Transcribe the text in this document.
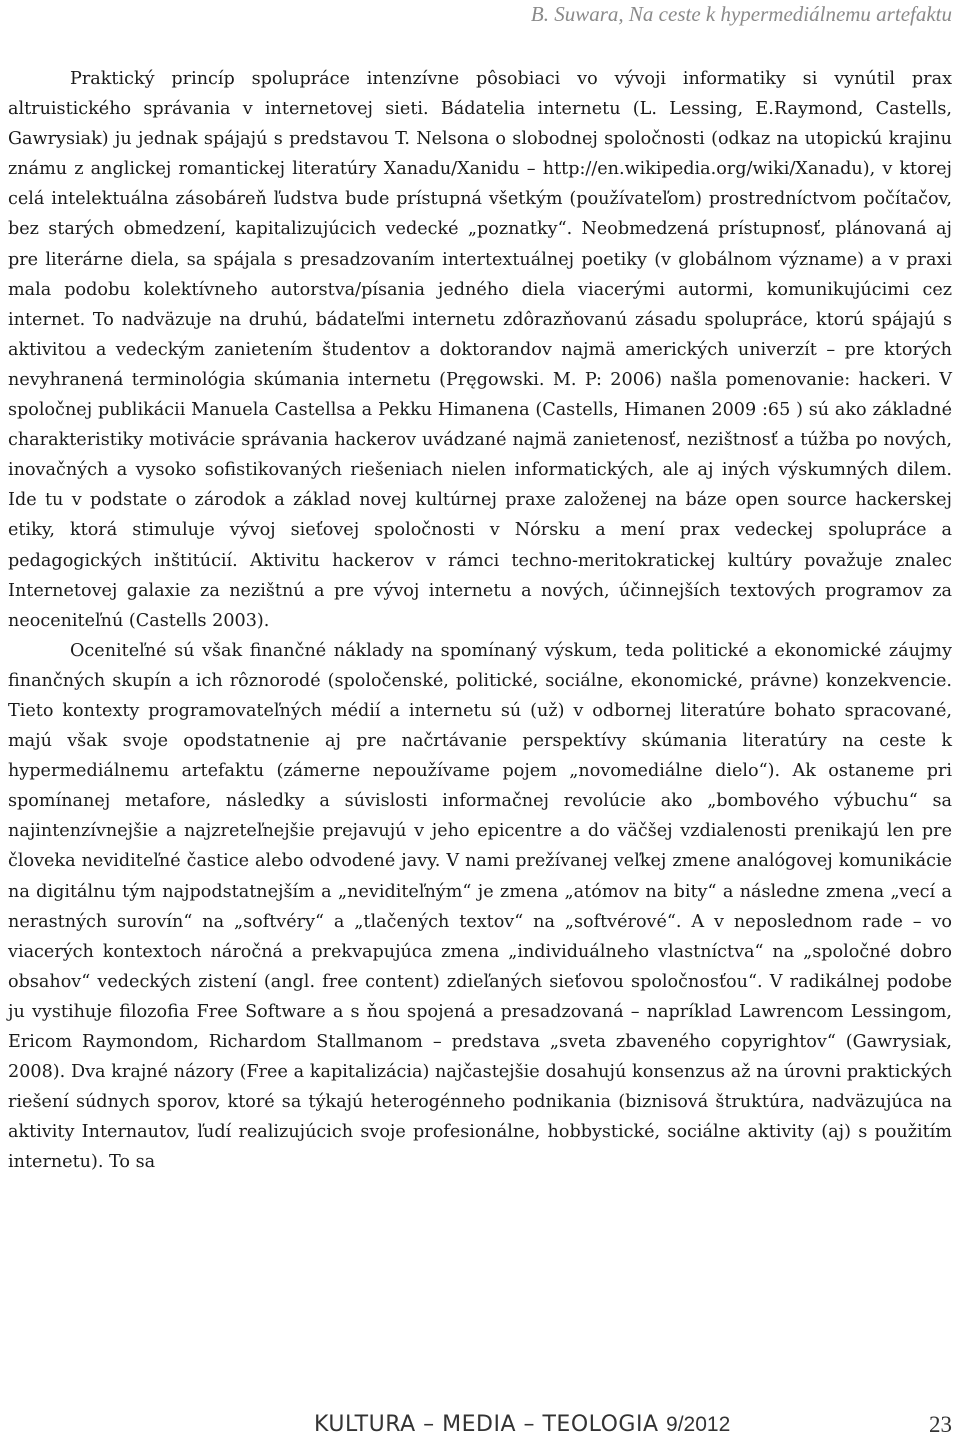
B. Suwara, Na ceste k hypermediálnemu artefaktu

Praktický princíp spolupráce intenzívne pôsobiaci vo vývoji informatiky si vynútil prax altruistického správania v internetovej sieti. Bádatelia internetu (L. Lessing, E.Raymond, Castells, Gawrysiak) ju jednak spájajú s predstavou T. Nelsona o slobodnej spoločnosti (odkaz na utopickú krajinu známu z anglickej romantickej literatúry Xanadu/Xanidu – http://en.wikipedia.org/wiki/Xanadu), v ktorej celá intelektuálna zásobáreň ľudstva bude prístupná všetkým (používateľom) prostredníctvom počítačov, bez starých obmedzení, kapitalizujúcich vedecké „poznatky“. Neobmedzená prístupnosť, plánovaná aj pre literárne diela, sa spájala s presadzovaním intertextuálnej poetiky (v globálnom význame) a v praxi mala podobu kolektívneho autorstva/písania jedného diela viacerými autormi, komunikujúcimi cez internet. To nadväzuje na druhú, bádateľmi internetu zdôrazňovanú zásadu spolupráce, ktorú spájajú s aktivitou a vedeckým zanietením študentov a doktorandov najmä amerických univerzít – pre ktorých nevyhranená terminológia skúmania internetu (Pręgowski. M. P: 2006) našla pomenovanie: hackeri. V spoločnej publikácii Manuela Castellsa a Pekku Himanena (Castells, Himanen 2009 :65 ) sú ako základné charakteristiky motivácie správania hackerov uvádzané najmä zanietenosť, nezištnosť a túžba po nových, inovačných a vysoko sofistikovaných riešeniach nielen informatických, ale aj iných výskumných dilem. Ide tu v podstate o zárodok a základ novej kultúrnej praxe založenej na báze open source hackerskej etiky, ktorá stimuluje vývoj sieťovej spoločnosti v Nórsku a mení prax vedeckej spolupráce a pedagogických inštitúcií. Aktivitu hackerov v rámci techno-meritokratickej kultúry považuje znalec Internetovej galaxie za nezištnú a pre vývoj internetu a nových, účinnejších textových programov za neoceniteľnú (Castells 2003).

Oceniteľné sú však finančné náklady na spomínaný výskum, teda politické a ekonomické záujmy finančných skupín a ich rôznorodé (spoločenské, politické, sociálne, ekonomické, právne) konzekvencie. Tieto kontexty programovateľných médií a internetu sú (už) v odbornej literatúre bohato spracované, majú však svoje opodstatnenie aj pre načrtávanie perspektívy skúmania literatúry na ceste k hypermediálnemu artefaktu (zámerne nepoužívame pojem „novomediálne dielo“). Ak ostaneme pri spomínanej metafore, následky a súvislosti informačnej revolúcie ako „bombového výbuchu“ sa najintenzívnejšie a najzreteľnejšie prejavujú v jeho epicentre a do väčšej vzdialenosti prenikajú len pre človeka neviditeľné častice alebo odvodené javy. V nami prežívanej veľkej zmene analógovej komunikácie na digitálnu tým najpodstatnejším a „neviditeľným“ je zmena „atómov na bity“ a následne zmena „vecí a nerastných surovín“ na „softvéry“ a „tlačených textov“ na „softvérové“. A v neposlednom rade – vo viacerých kontextoch náročná a prekvapujúca zmena „individuálneho vlastníctva“ na „spoločné dobro obsahov“ vedeckých zistení (angl. free content) zdieľaných sieťovou spoločnosťou“. V radikálnej podobe ju vystihuje filozofia Free Software a s ňou spojená a presadzovaná – napríklad Lawrencom Lessingom, Ericom Raymondom, Richardom Stallmanom – predstava „sveta zbaveného copyrightov“ (Gawrysiak, 2008). Dva krajné názory (Free a kapitalizácia) najčastejšie dosahujú konsenzus až na úrovni praktických riešení súdnych sporov, ktoré sa týkajú heterogénneho podnikania (biznisová štruktúra, nadväzujúca na aktivity Internautov, ľudí realizujúcich svoje profesionálne, hobbystické, sociálne aktivity (aj) s použitím internetu). To sa

KULTURA – MEDIA – TEOLOGIA 9/2012	23
